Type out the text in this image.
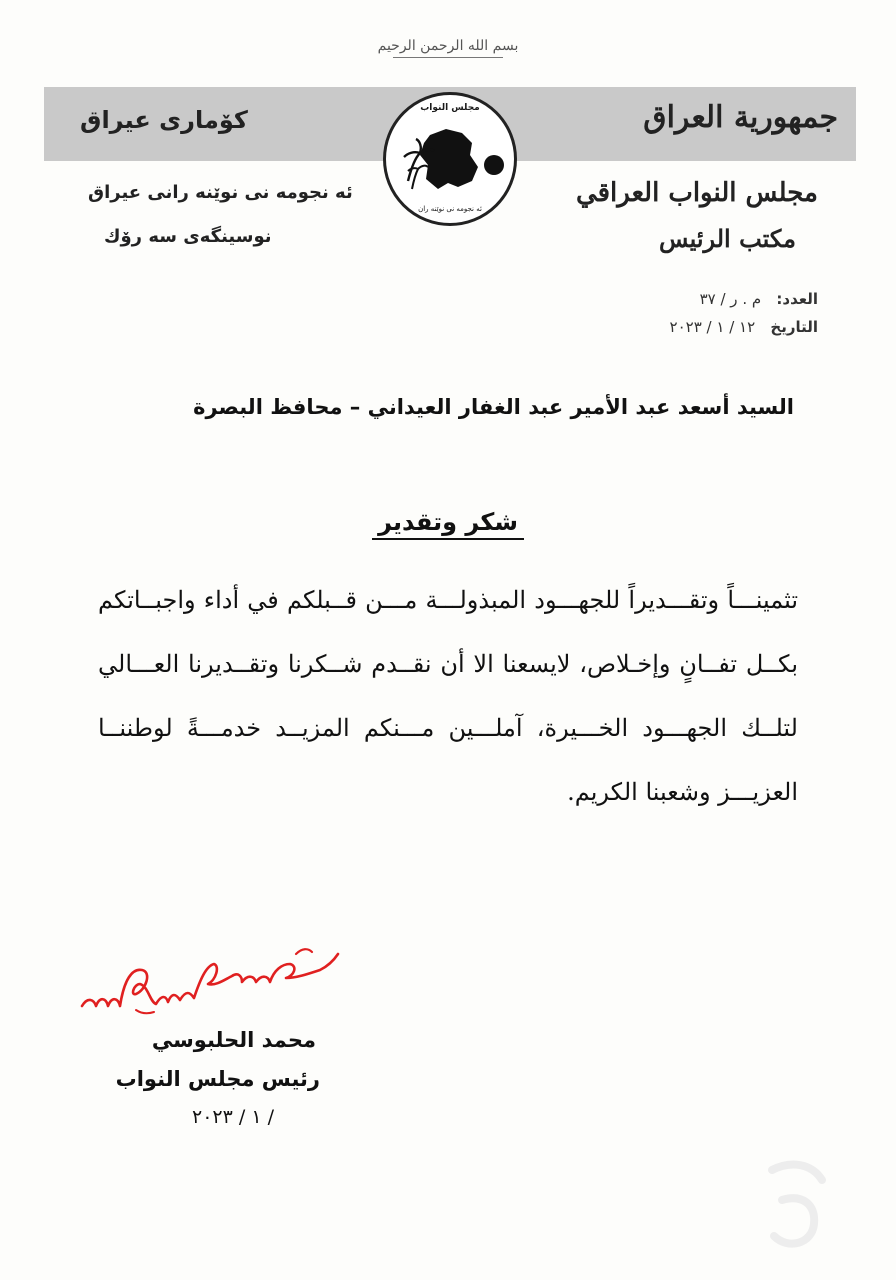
بسم الله الرحمن الرحيم
جمهورية العراق
كۆماری عیراق	مجلس النواب
ئه نجومه نی نوێنه ران
مجلس النواب العراقي
مكتب الرئيس
ئه نجومه نی نوێنه رانی عیراق
نوسینگه‌ی سه رۆك
العدد: م . ر / ٣٧
التاريخ ١٢ / ١ / ٢٠٢٣
السيد أسعد عبد الأمير عبد الغفار العيداني – محافظ البصرة
شكر وتقدير
تثمينـــاً وتقـــديراً للجهـــود المبذولـــة مـــن قــبلكم في أداء واجبــاتكم بكــل تفــانٍ وإخـلاص، لايسعنا الا أن نقــدم شــكرنا وتقــديرنا العـــالي لتلــك الجهـــود الخـــيرة، آملـــين مـــنكم المزيــد خدمـــةً لوطننــا العزيـــز وشعبنا الكريم.
محمد الحلبوسي
رئيس مجلس النواب
/ ١ / ٢٠٢٣
